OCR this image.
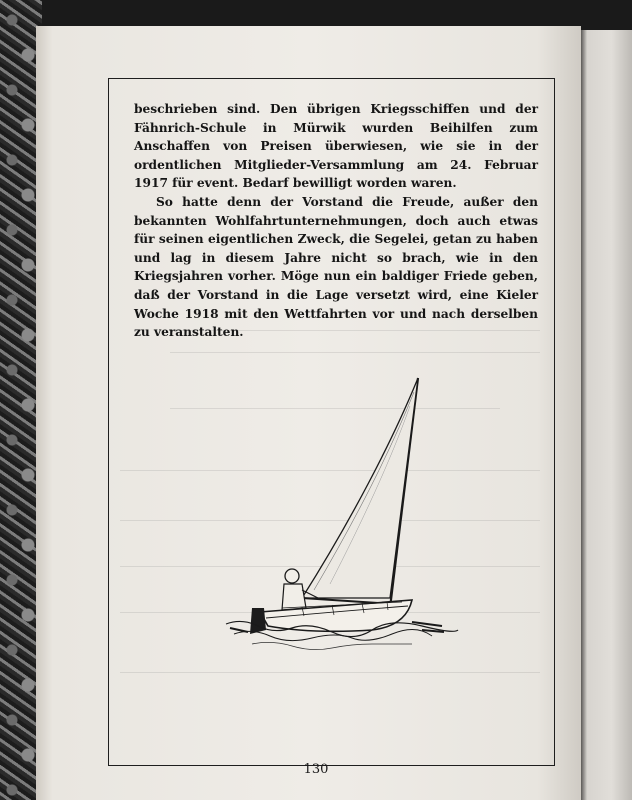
beschrieben sind. Den übrigen Kriegsschiffen und der Fähnrich-Schule in Mürwik wurden Beihilfen zum Anschaffen von Preisen überwiesen, wie sie in der ordentlichen Mitglieder-Versammlung am 24. Februar 1917 für event. Bedarf bewilligt worden waren.

So hatte denn der Vorstand die Freude, außer den bekannten Wohlfahrtunternehmungen, doch auch etwas für seinen eigentlichen Zweck, die Segelei, getan zu haben und lag in diesem Jahre nicht so brach, wie in den Kriegsjahren vorher. Möge nun ein baldiger Friede geben, daß der Vorstand in die Lage versetzt wird, eine Kieler Woche 1918 mit den Wettfahrten vor und nach derselben zu veranstalten.

130
